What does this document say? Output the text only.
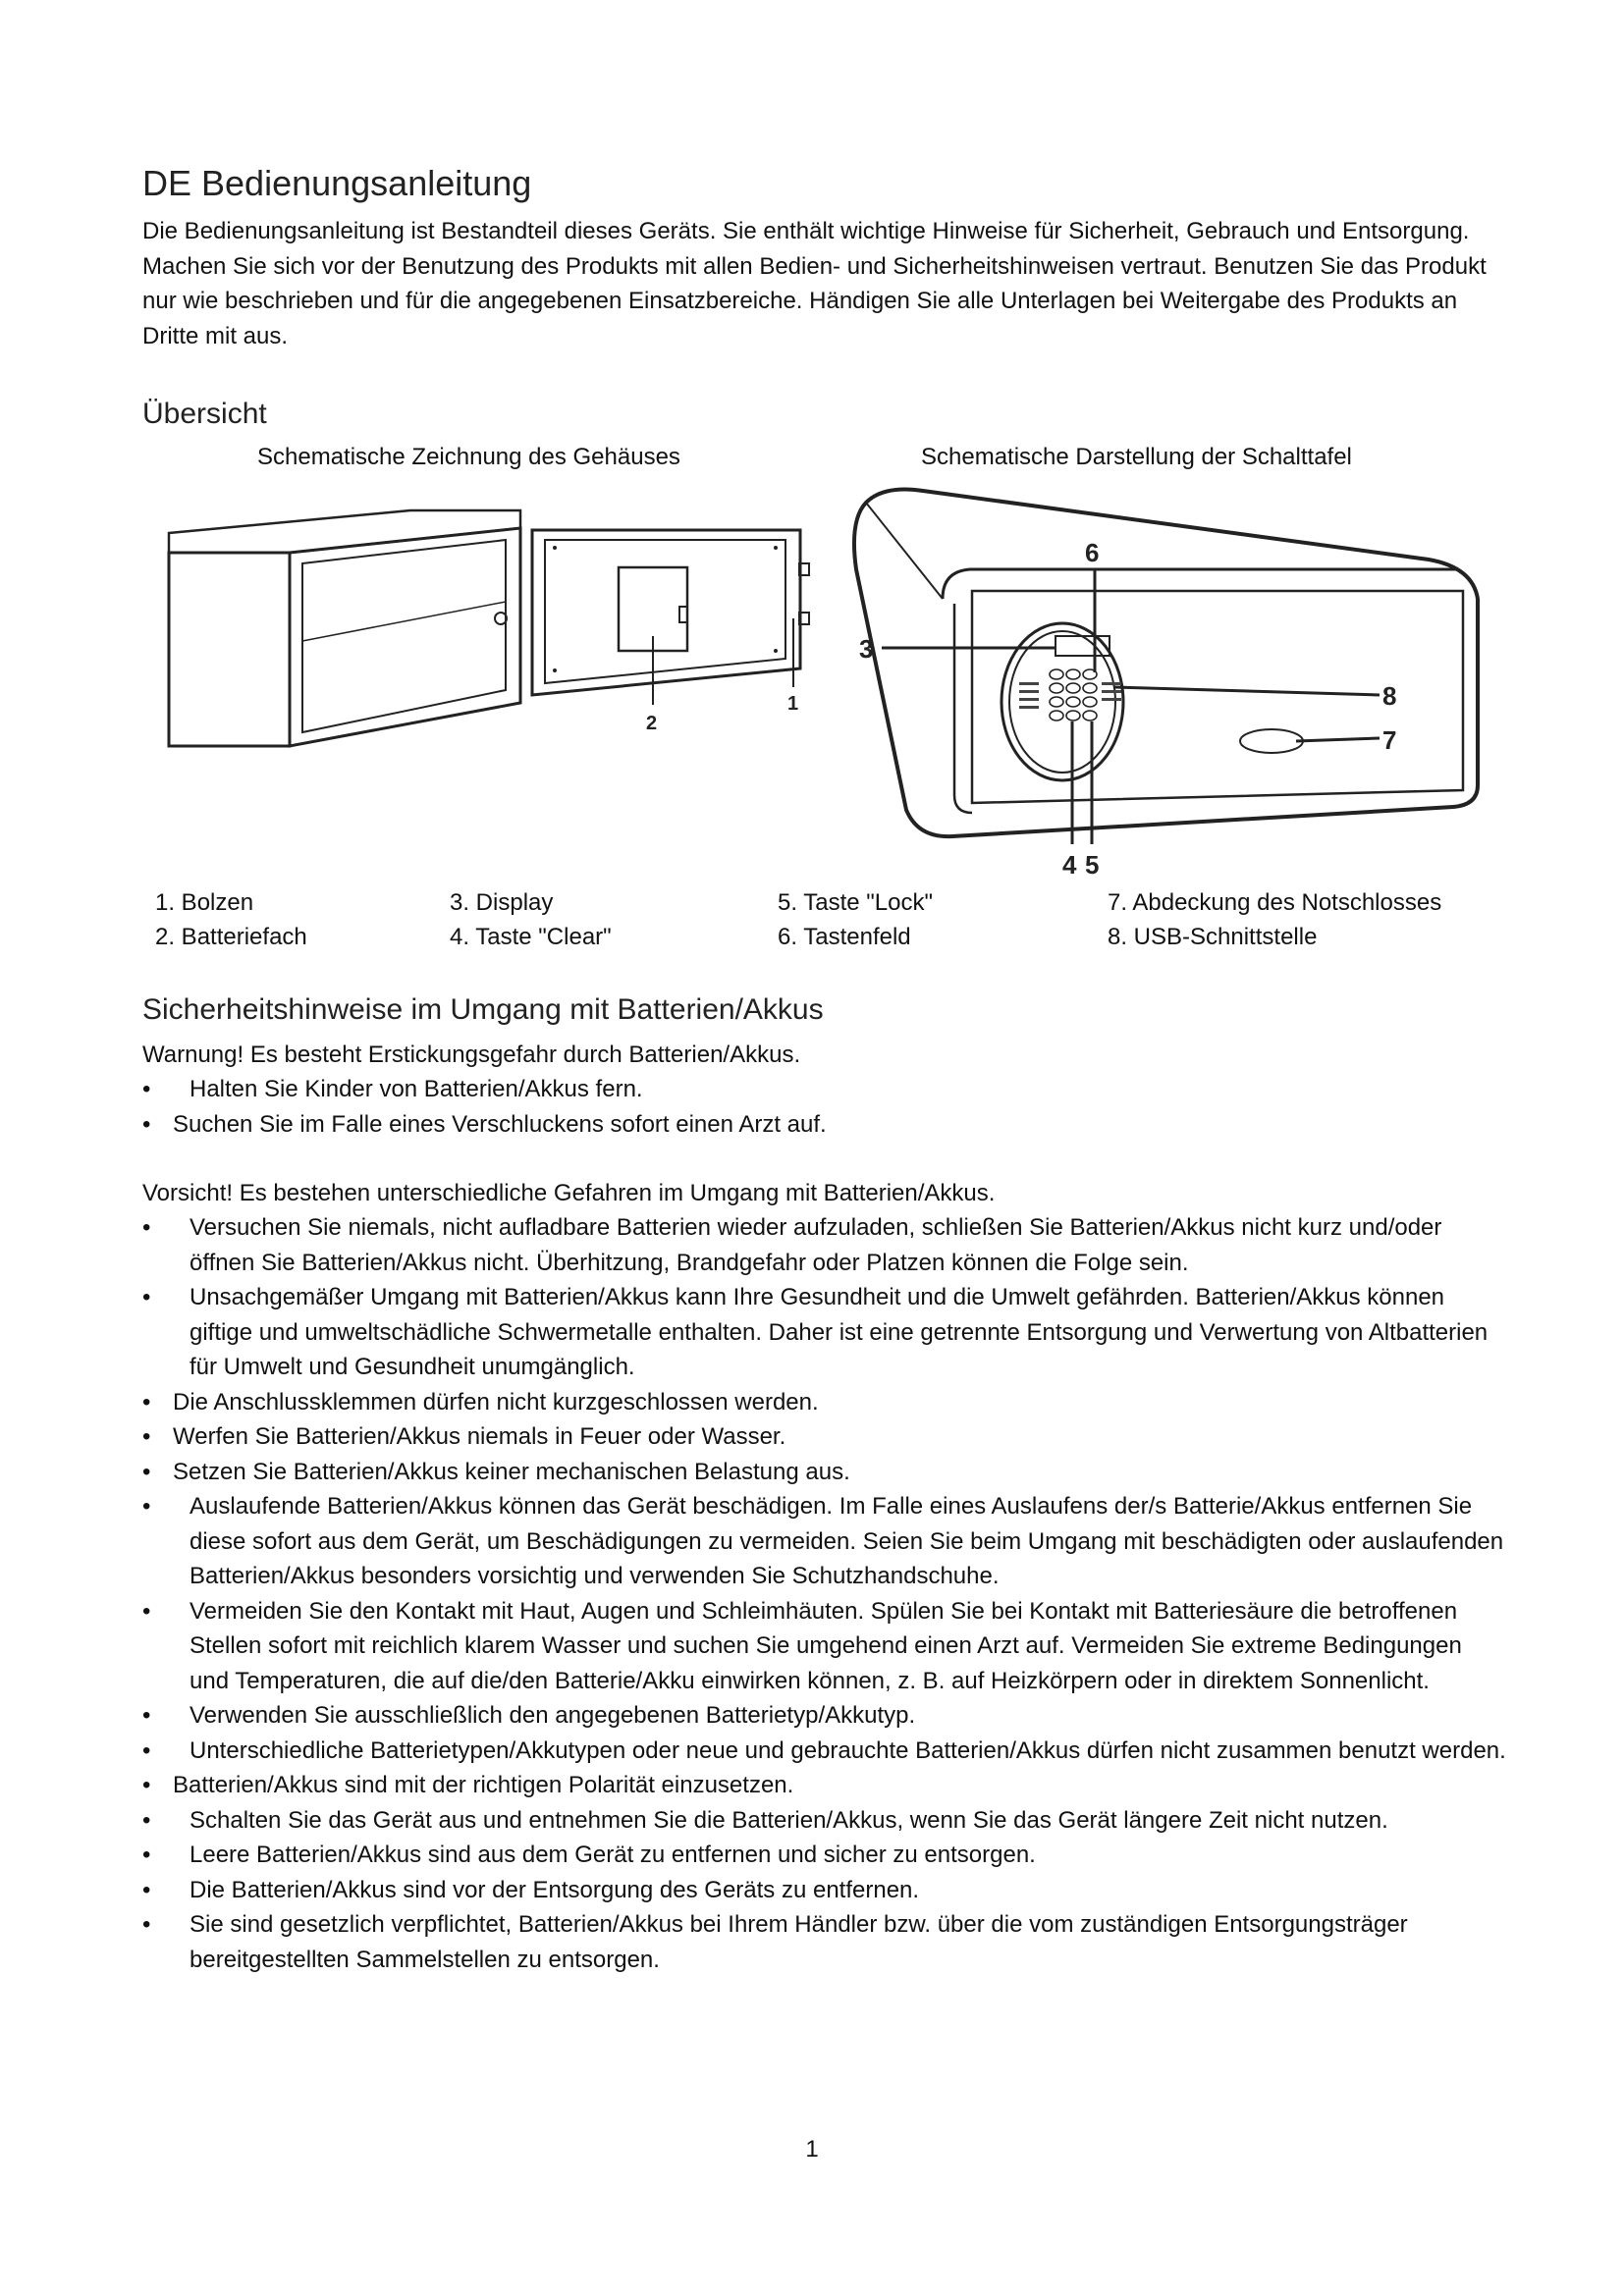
DE Bedienungsanleitung
Die Bedienungsanleitung ist Bestandteil dieses Geräts. Sie enthält wichtige Hinweise für Sicherheit, Gebrauch und Entsorgung. Machen Sie sich vor der Benutzung des Produkts mit allen Bedien- und Sicherheitshinweisen vertraut. Benutzen Sie das Produkt nur wie beschrieben und für die angegebenen Einsatzbereiche. Händigen Sie alle Unterlagen bei Weitergabe des Produkts an Dritte mit aus.
Übersicht
Schematische Zeichnung des Gehäuses	Schematische Darstellung der Schalttafel
2
1
3
4 5
6
7
8
1. Bolzen
2. Batteriefach
3. Display
4. Taste "Clear"
5. Taste "Lock"
6. Tastenfeld
7. Abdeckung des Notschlosses
8. USB-Schnittstelle
Sicherheitshinweise im Umgang mit Batterien/Akkus
Warnung! Es besteht Erstickungsgefahr durch Batterien/Akkus.
• Halten Sie Kinder von Batterien/Akkus fern.
• Suchen Sie im Falle eines Verschluckens sofort einen Arzt auf.
Vorsicht! Es bestehen unterschiedliche Gefahren im Umgang mit Batterien/Akkus.
• Versuchen Sie niemals, nicht aufladbare Batterien wieder aufzuladen, schließen Sie Batterien/Akkus nicht kurz und/oder öffnen Sie Batterien/Akkus nicht. Überhitzung, Brandgefahr oder Platzen können die Folge sein.
• Unsachgemäßer Umgang mit Batterien/Akkus kann Ihre Gesundheit und die Umwelt gefährden. Batterien/Akkus können giftige und umweltschädliche Schwermetalle enthalten. Daher ist eine getrennte Entsorgung und Verwertung von Altbatterien für Umwelt und Gesundheit unumgänglich.
• Die Anschlussklemmen dürfen nicht kurzgeschlossen werden.
• Werfen Sie Batterien/Akkus niemals in Feuer oder Wasser.
• Setzen Sie Batterien/Akkus keiner mechanischen Belastung aus.
• Auslaufende Batterien/Akkus können das Gerät beschädigen. Im Falle eines Auslaufens der/s Batterie/Akkus entfernen Sie diese sofort aus dem Gerät, um Beschädigungen zu vermeiden. Seien Sie beim Umgang mit beschädigten oder auslaufenden Batterien/Akkus besonders vorsichtig und verwenden Sie Schutzhandschuhe.
• Vermeiden Sie den Kontakt mit Haut, Augen und Schleimhäuten. Spülen Sie bei Kontakt mit Batteriesäure die betroffenen Stellen sofort mit reichlich klarem Wasser und suchen Sie umgehend einen Arzt auf. Vermeiden Sie extreme Bedingungen und Temperaturen, die auf die/den Batterie/Akku einwirken können, z. B. auf Heizkörpern oder in direktem Sonnenlicht.
• Verwenden Sie ausschließlich den angegebenen Batterietyp/Akkutyp.
• Unterschiedliche Batterietypen/Akkutypen oder neue und gebrauchte Batterien/Akkus dürfen nicht zusammen benutzt werden.
• Batterien/Akkus sind mit der richtigen Polarität einzusetzen.
• Schalten Sie das Gerät aus und entnehmen Sie die Batterien/Akkus, wenn Sie das Gerät längere Zeit nicht nutzen.
• Leere Batterien/Akkus sind aus dem Gerät zu entfernen und sicher zu entsorgen.
• Die Batterien/Akkus sind vor der Entsorgung des Geräts zu entfernen.
• Sie sind gesetzlich verpflichtet, Batterien/Akkus bei Ihrem Händler bzw. über die vom zuständigen Entsorgungsträger bereitgestellten Sammelstellen zu entsorgen.
1
